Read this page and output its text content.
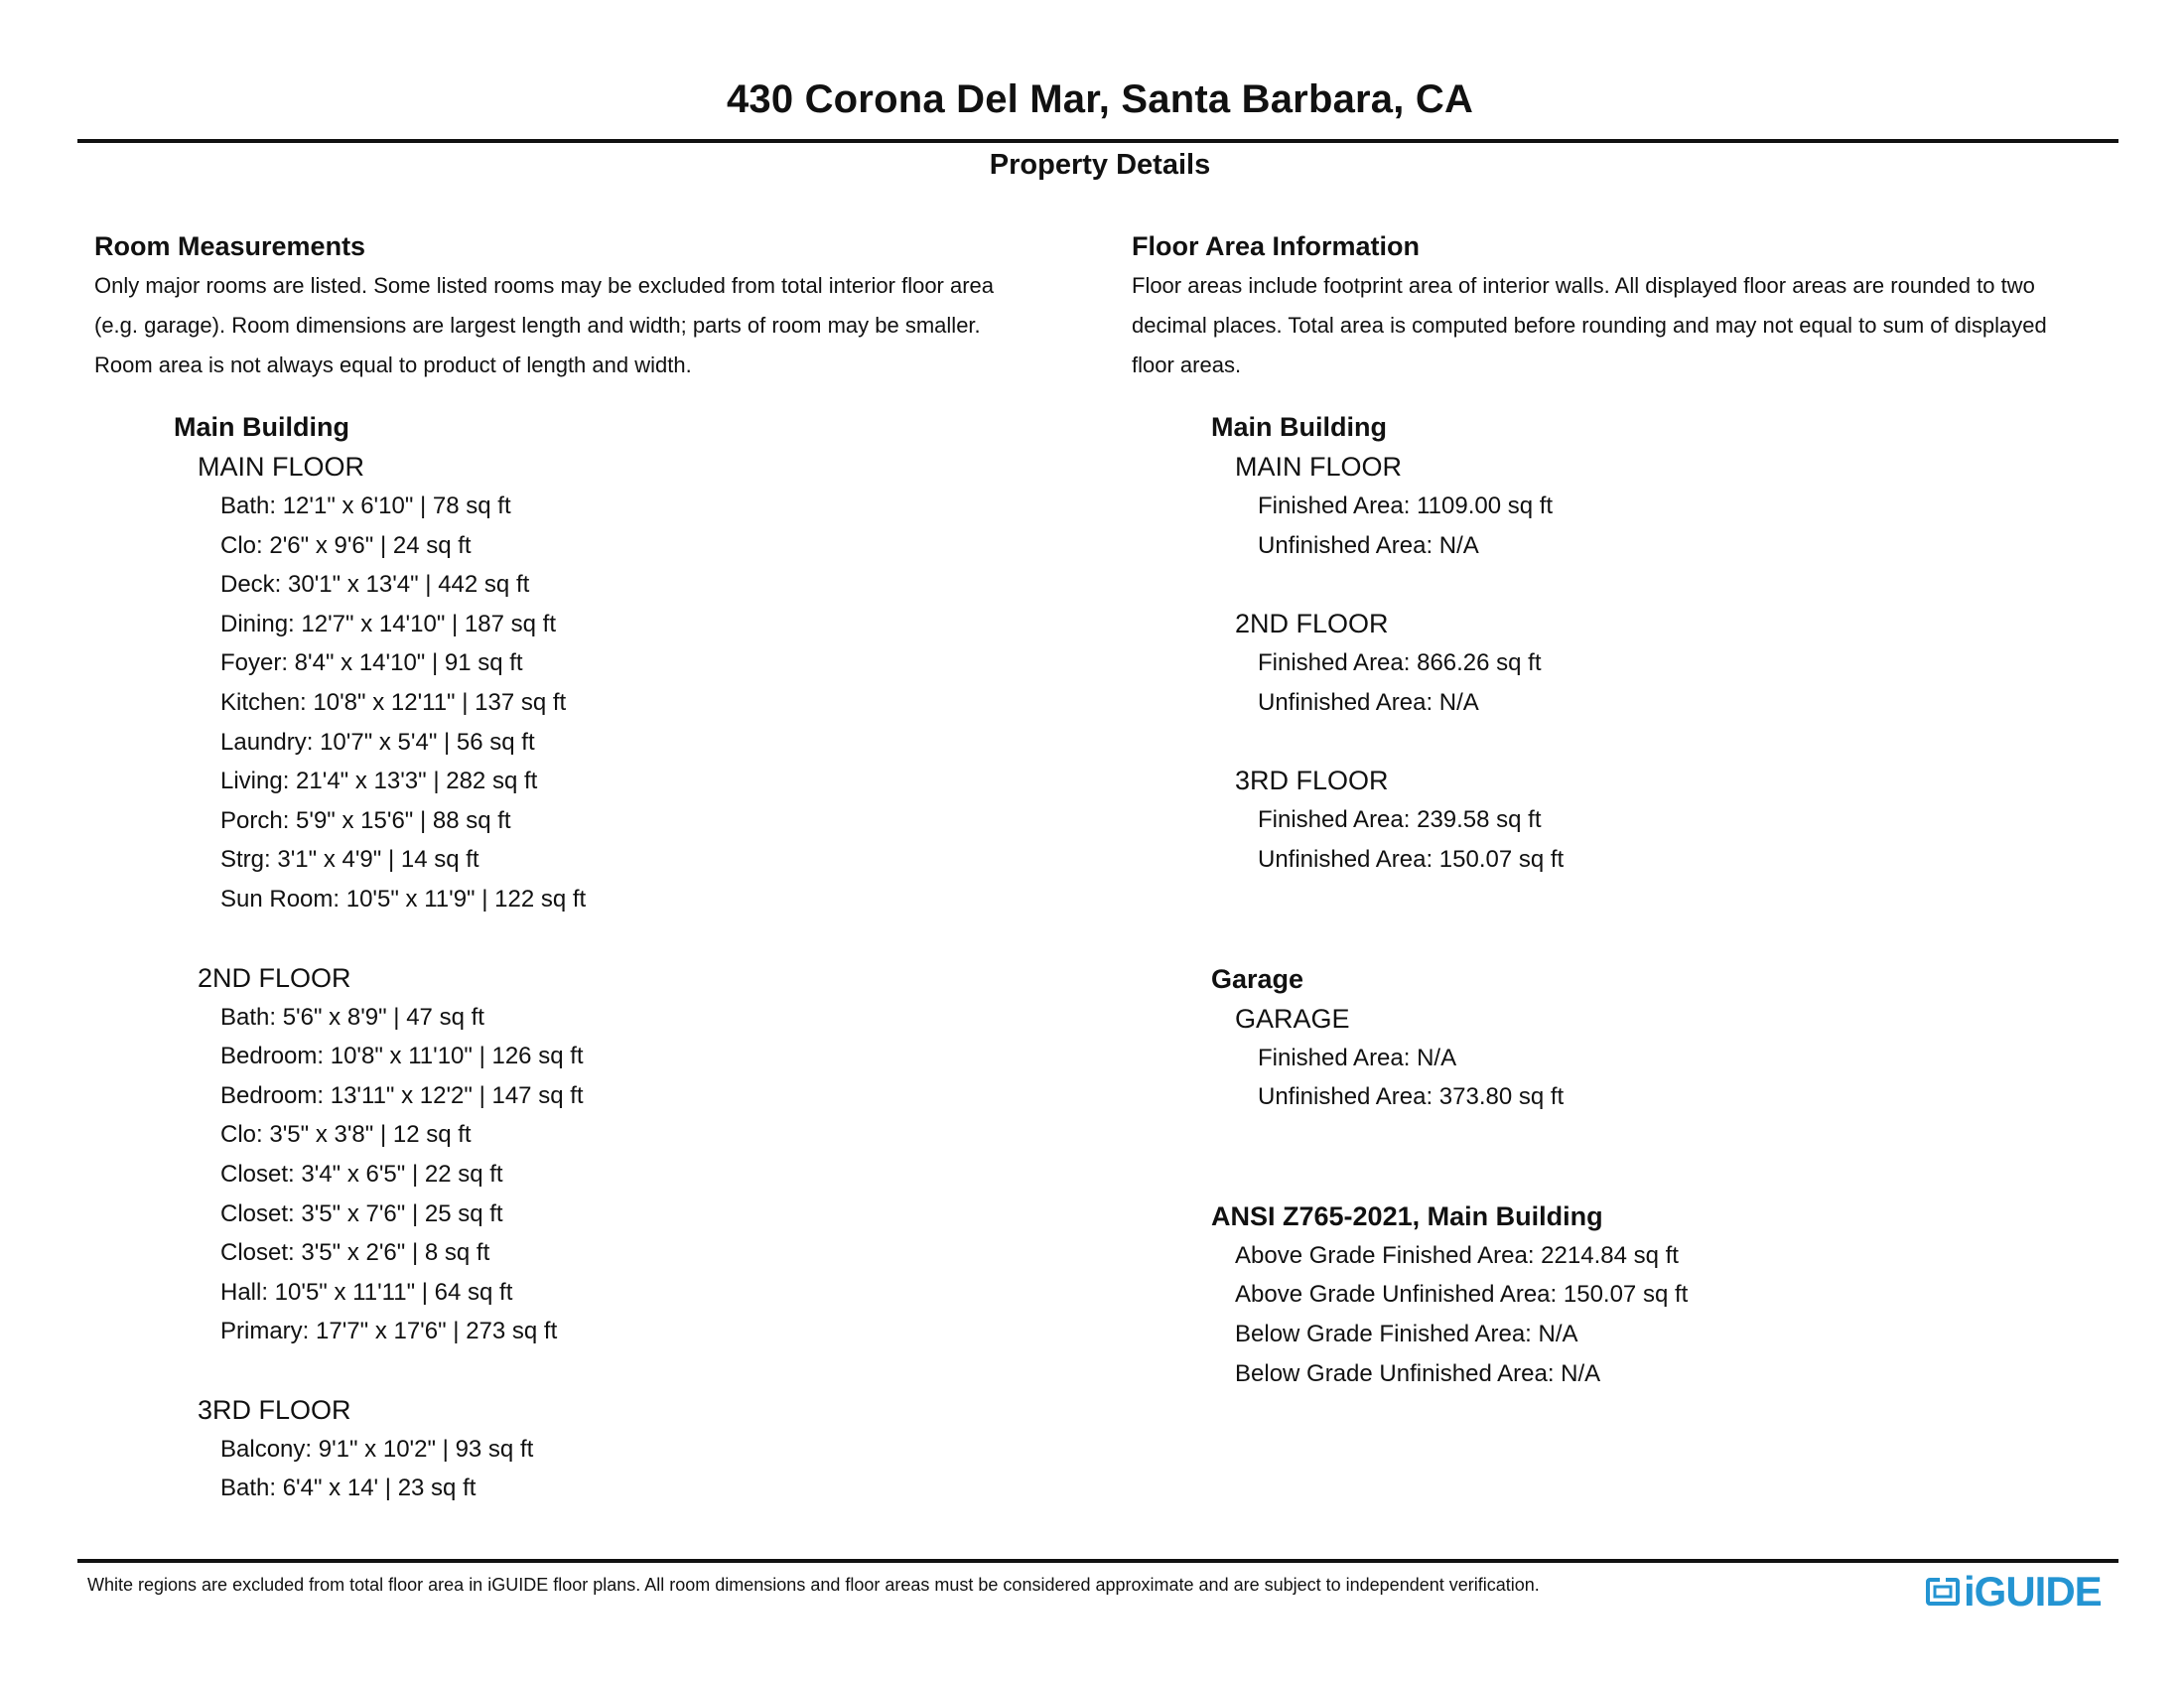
430 Corona Del Mar, Santa Barbara, CA
Property Details
Room Measurements
Only major rooms are listed. Some listed rooms may be excluded from total interior floor area
(e.g. garage). Room dimensions are largest length and width; parts of room may be smaller.
Room area is not always equal to product of length and width.
Main Building
MAIN FLOOR
Bath: 12'1" x 6'10" | 78 sq ft
Clo: 2'6" x 9'6" | 24 sq ft
Deck: 30'1" x 13'4" | 442 sq ft
Dining: 12'7" x 14'10" | 187 sq ft
Foyer: 8'4" x 14'10" | 91 sq ft
Kitchen: 10'8" x 12'11" | 137 sq ft
Laundry: 10'7" x 5'4" | 56 sq ft
Living: 21'4" x 13'3" | 282 sq ft
Porch: 5'9" x 15'6" | 88 sq ft
Strg: 3'1" x 4'9" | 14 sq ft
Sun Room: 10'5" x 11'9" | 122 sq ft
2ND FLOOR
Bath: 5'6" x 8'9" | 47 sq ft
Bedroom: 10'8" x 11'10" | 126 sq ft
Bedroom: 13'11" x 12'2" | 147 sq ft
Clo: 3'5" x 3'8" | 12 sq ft
Closet: 3'4" x 6'5" | 22 sq ft
Closet: 3'5" x 7'6" | 25 sq ft
Closet: 3'5" x 2'6" | 8 sq ft
Hall: 10'5" x 11'11" | 64 sq ft
Primary: 17'7" x 17'6" | 273 sq ft
3RD FLOOR
Balcony: 9'1" x 10'2" | 93 sq ft
Bath: 6'4" x 14' | 23 sq ft
Floor Area Information
Floor areas include footprint area of interior walls. All displayed floor areas are rounded to two
decimal places. Total area is computed before rounding and may not equal to sum of displayed
floor areas.
Main Building
MAIN FLOOR
Finished Area: 1109.00 sq ft
Unfinished Area: N/A
2ND FLOOR
Finished Area: 866.26 sq ft
Unfinished Area: N/A
3RD FLOOR
Finished Area: 239.58 sq ft
Unfinished Area: 150.07 sq ft
Garage
GARAGE
Finished Area: N/A
Unfinished Area: 373.80 sq ft
ANSI Z765-2021, Main Building
Above Grade Finished Area: 2214.84 sq ft
Above Grade Unfinished Area: 150.07 sq ft
Below Grade Finished Area: N/A
Below Grade Unfinished Area: N/A
White regions are excluded from total floor area in iGUIDE floor plans. All room dimensions and floor areas must be considered approximate and are subject to independent verification.	iGUIDE
